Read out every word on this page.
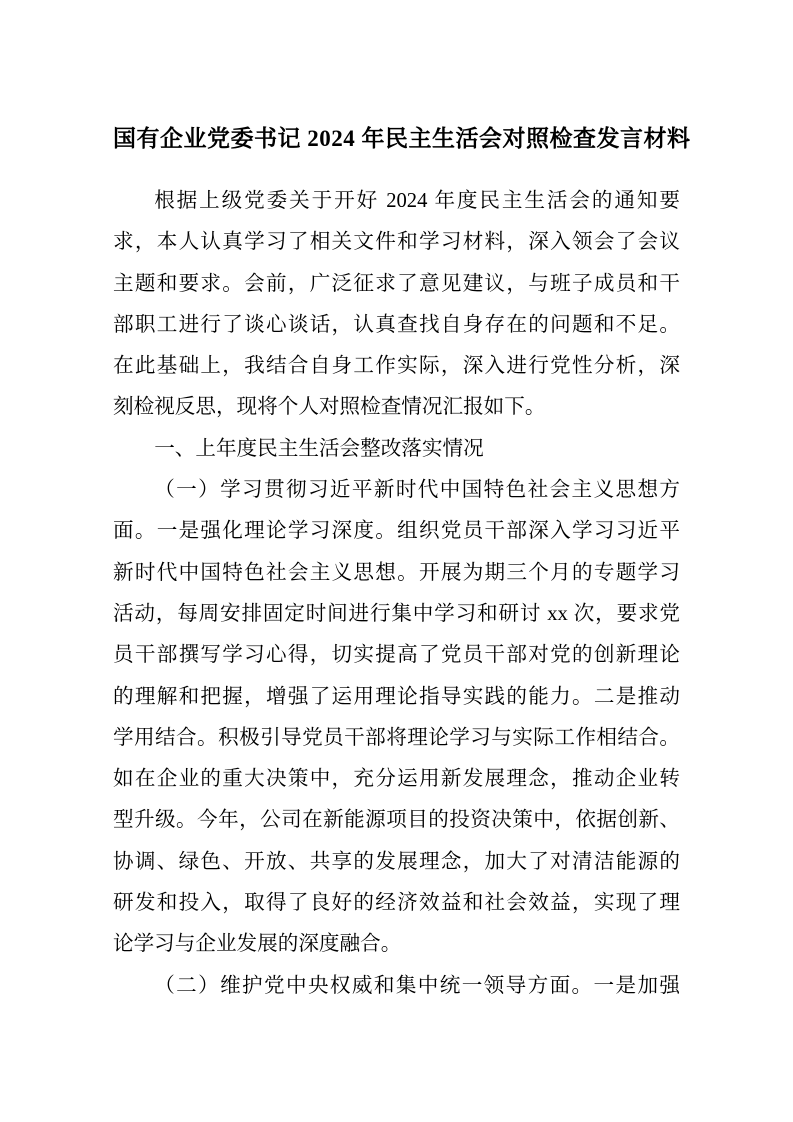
国有企业党委书记 2024 年民主生活会对照检查发言材料
根据上级党委关于开好 2024 年度民主生活会的通知要
求，本人认真学习了相关文件和学习材料，深入领会了会议
主题和要求。会前，广泛征求了意见建议，与班子成员和干
部职工进行了谈心谈话，认真查找自身存在的问题和不足。
在此基础上，我结合自身工作实际，深入进行党性分析，深
刻检视反思，现将个人对照检查情况汇报如下。
一、上年度民主生活会整改落实情况
（一）学习贯彻习近平新时代中国特色社会主义思想方
面。一是强化理论学习深度。组织党员干部深入学习习近平
新时代中国特色社会主义思想。开展为期三个月的专题学习
活动，每周安排固定时间进行集中学习和研讨 xx 次，要求党
员干部撰写学习心得，切实提高了党员干部对党的创新理论
的理解和把握，增强了运用理论指导实践的能力。二是推动
学用结合。积极引导党员干部将理论学习与实际工作相结合。
如在企业的重大决策中，充分运用新发展理念，推动企业转
型升级。今年，公司在新能源项目的投资决策中，依据创新、
协调、绿色、开放、共享的发展理念，加大了对清洁能源的
研发和投入，取得了良好的经济效益和社会效益，实现了理
论学习与企业发展的深度融合。
（二）维护党中央权威和集中统一领导方面。一是加强
